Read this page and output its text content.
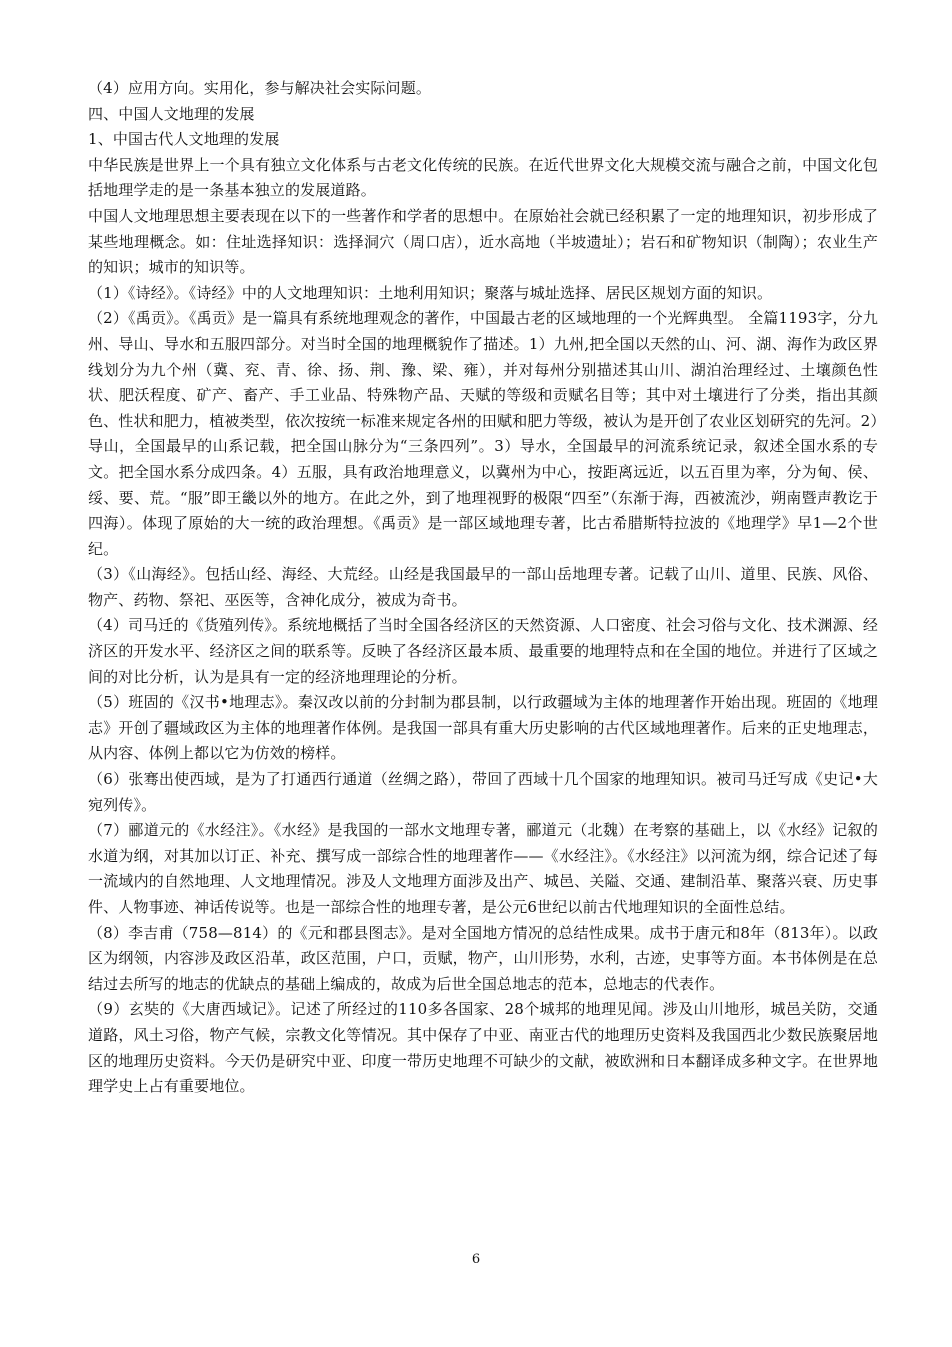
（4）应用方向。实用化，参与解决社会实际问题。

四、中国人文地理的发展

1、中国古代人文地理的发展

中华民族是世界上一个具有独立文化体系与古老文化传统的民族。在近代世界文化大规模交流与融合之前，中国文化包括地理学走的是一条基本独立的发展道路。

中国人文地理思想主要表现在以下的一些著作和学者的思想中。在原始社会就已经积累了一定的地理知识，初步形成了某些地理概念。如：住址选择知识：选择洞穴（周口店），近水高地（半坡遗址）；岩石和矿物知识（制陶）；农业生产的知识；城市的知识等。

（1）《诗经》。《诗经》中的人文地理知识：土地利用知识；聚落与城址选择、居民区规划方面的知识。

（2）《禹贡》。《禹贡》是一篇具有系统地理观念的著作，中国最古老的区域地理的一个光辉典型。 全篇1193字，分九州、导山、导水和五服四部分。对当时全国的地理概貌作了描述。1）九州,把全国以天然的山、河、湖、海作为政区界线划分为九个州（冀、兖、青、徐、扬、荆、豫、梁、雍），并对每州分别描述其山川、湖泊治理经过、土壤颜色性状、肥沃程度、矿产、畜产、手工业品、特殊物产品、天赋的等级和贡赋名目等；其中对土壤进行了分类，指出其颜色、性状和肥力，植被类型，依次按统一标准来规定各州的田赋和肥力等级，被认为是开创了农业区划研究的先河。2）导山，全国最早的山系记载，把全国山脉分为“三条四列”。3）导水，全国最早的河流系统记录，叙述全国水系的专文。把全国水系分成四条。4）五服，具有政治地理意义，以冀州为中心，按距离远近，以五百里为率，分为甸、侯、绥、要、荒。“服”即王畿以外的地方。在此之外，到了地理视野的极限“四至”（东渐于海，西被流沙，朔南暨声教讫于四海）。体现了原始的大一统的政治理想。《禹贡》是一部区域地理专著，比古希腊斯特拉波的《地理学》早1—2个世纪。

（3）《山海经》。包括山经、海经、大荒经。山经是我国最早的一部山岳地理专著。记载了山川、道里、民族、风俗、物产、药物、祭祀、巫医等，含神化成分，被成为奇书。

（4）司马迁的《货殖列传》。系统地概括了当时全国各经济区的天然资源、人口密度、社会习俗与文化、技术渊源、经济区的开发水平、经济区之间的联系等。反映了各经济区最本质、最重要的地理特点和在全国的地位。并进行了区域之间的对比分析，认为是具有一定的经济地理理论的分析。

（5）班固的《汉书•地理志》。秦汉改以前的分封制为郡县制，以行政疆域为主体的地理著作开始出现。班固的《地理志》开创了疆域政区为主体的地理著作体例。是我国一部具有重大历史影响的古代区域地理著作。后来的正史地理志，从内容、体例上都以它为仿效的榜样。

（6）张骞出使西域，是为了打通西行通道（丝绸之路），带回了西域十几个国家的地理知识。被司马迁写成《史记•大宛列传》。

（7）郦道元的《水经注》。《水经》是我国的一部水文地理专著，郦道元（北魏）在考察的基础上，以《水经》记叙的水道为纲，对其加以订正、补充、撰写成一部综合性的地理著作——《水经注》。《水经注》以河流为纲，综合记述了每一流域内的自然地理、人文地理情况。涉及人文地理方面涉及出产、城邑、关隘、交通、建制沿革、聚落兴衰、历史事件、人物事迹、神话传说等。也是一部综合性的地理专著，是公元6世纪以前古代地理知识的全面性总结。

（8）李吉甫（758—814）的《元和郡县图志》。是对全国地方情况的总结性成果。成书于唐元和8年（813年）。以政区为纲领，内容涉及政区沿革，政区范围，户口，贡赋，物产，山川形势，水利，古迹，史事等方面。本书体例是在总结过去所写的地志的优缺点的基础上编成的，故成为后世全国总地志的范本，总地志的代表作。

（9）玄奘的《大唐西域记》。记述了所经过的110多各国家、28个城邦的地理见闻。涉及山川地形，城邑关防，交通道路，风土习俗，物产气候，宗教文化等情况。其中保存了中亚、南亚古代的地理历史资料及我国西北少数民族聚居地区的地理历史资料。今天仍是研究中亚、印度一带历史地理不可缺少的文献，被欧洲和日本翻译成多种文字。在世界地理学史上占有重要地位。

6
